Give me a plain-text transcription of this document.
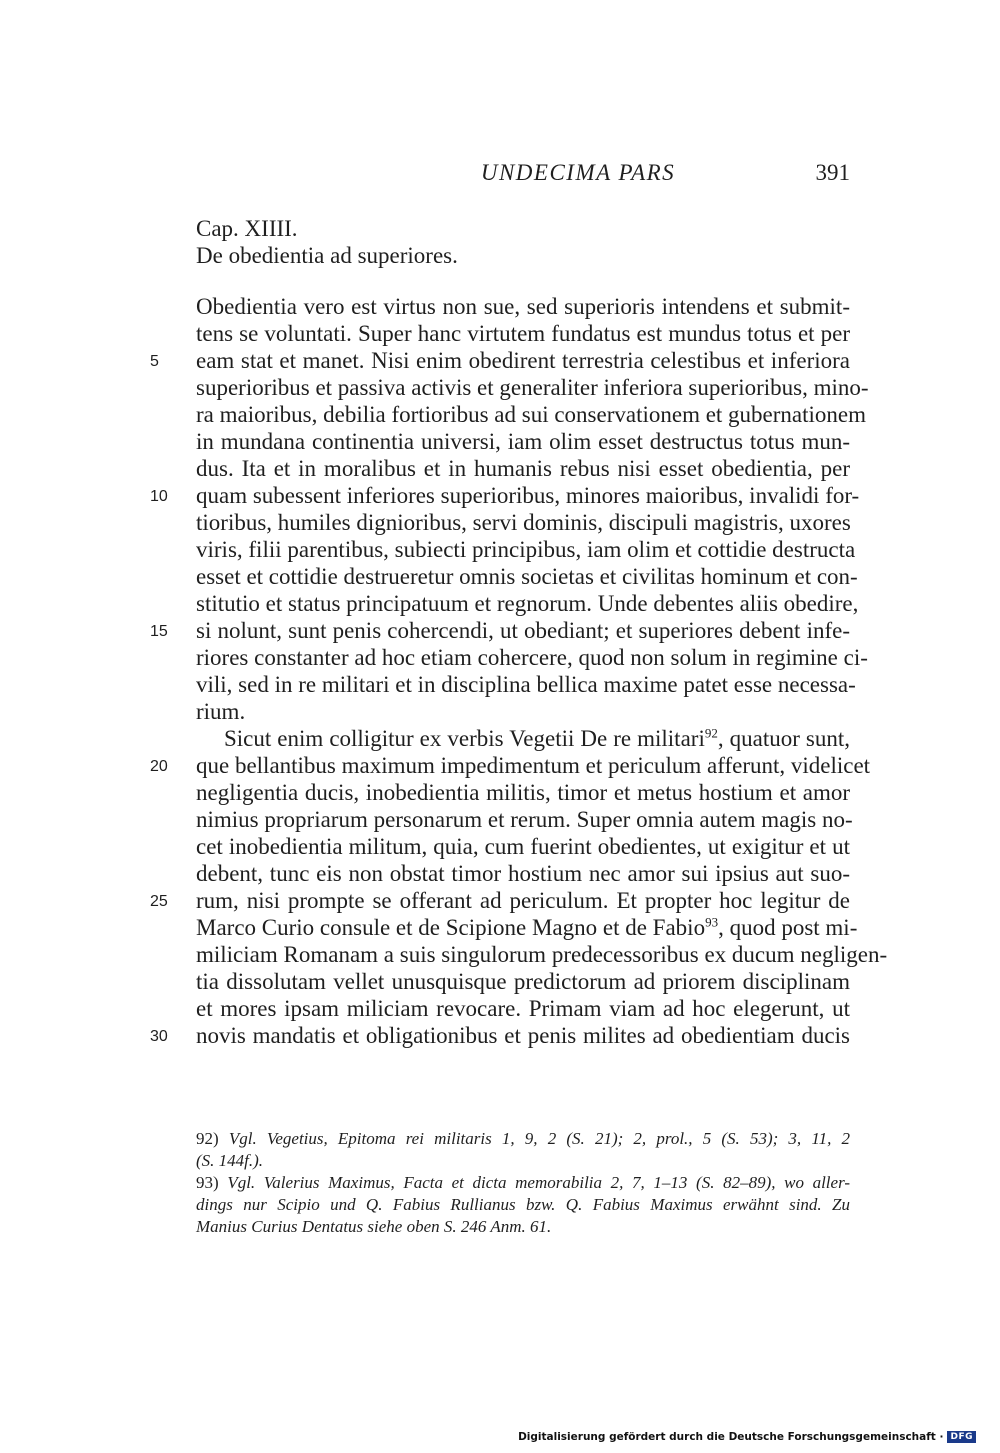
UNDECIMA PARS	391
Cap. XIIII.
De obedientia ad superiores.
Obedientia vero est virtus non sue, sed superioris intendens et submit-
tens se voluntati. Super hanc virtutem fundatus est mundus totus et per
eam stat et manet. Nisi enim obedirent terrestria celestibus et inferiora
superioribus et passiva activis et generaliter inferiora superioribus, mino-
ra maioribus, debilia fortioribus ad sui conservationem et gubernationem
in mundana continentia universi, iam olim esset destructus totus mun-
dus. Ita et in moralibus et in humanis rebus nisi esset obedientia, per
quam subessent inferiores superioribus, minores maioribus, invalidi for-
tioribus, humiles dignioribus, servi dominis, discipuli magistris, uxores
viris, filii parentibus, subiecti principibus, iam olim et cottidie destructa
esset et cottidie destrueretur omnis societas et civilitas hominum et con-
stitutio et status principatuum et regnorum. Unde debentes aliis obedire,
si nolunt, sunt penis cohercendi, ut obediant; et superiores debent infe-
riores constanter ad hoc etiam cohercere, quod non solum in regimine ci-
vili, sed in re militari et in disciplina bellica maxime patet esse necessa-
rium.
Sicut enim colligitur ex verbis Vegetii De re militari$^{92}$, quatuor sunt,
que bellantibus maximum impedimentum et periculum afferunt, videlicet
negligentia ducis, inobedientia militis, timor et metus hostium et amor
nimius propriarum personarum et rerum. Super omnia autem magis no-
cet inobedientia militum, quia, cum fuerint obedientes, ut exigitur et ut
debent, tunc eis non obstat timor hostium nec amor sui ipsius aut suo-
rum, nisi prompte se offerant ad periculum. Et propter hoc legitur de
Marco Curio consule et de Scipione Magno et de Fabio$^{93}$, quod post mi-
miliciam Romanam a suis singulorum predecessoribus ex ducum negligen-
tia dissolutam vellet unusquisque predictorum ad priorem disciplinam
et mores ipsam miliciam revocare. Primam viam ad hoc elegerunt, ut
novis mandatis et obligationibus et penis milites ad obedientiam ducis
5
10
15
20
25
30
92) Vgl. Vegetius, Epitoma rei militaris 1, 9, 2 (S. 21); 2, prol., 5 (S. 53); 3, 11, 2
(S. 144f.).
93) Vgl. Valerius Maximus, Facta et dicta memorabilia 2, 7, 1–13 (S. 82–89), wo aller-
dings nur Scipio und Q. Fabius Rullianus bzw. Q. Fabius Maximus erwähnt sind. Zu
Manius Curius Dentatus siehe oben S. 246 Anm. 61.
Digitalisierung gefördert durch die Deutsche Forschungsgemeinschaft · DFG
